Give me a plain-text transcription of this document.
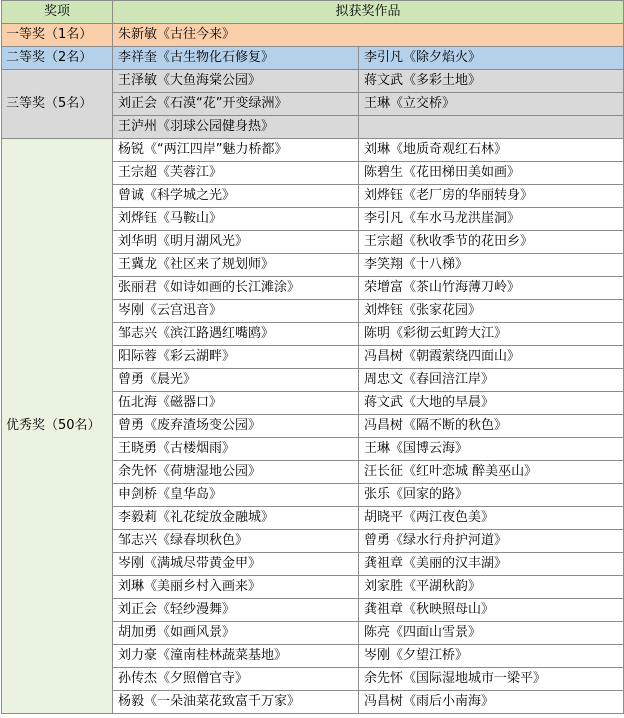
奖项	拟获奖作品	
一等奖（1名）	朱新敏《古往今来》	
二等奖（2名）	李祥奎《古生物化石修复》	李引凡《除夕焰火》
三等奖（5名）	王泽敏《大鱼海棠公园》	蒋文武《多彩土地》
	刘正会《石漠“花”开变绿洲》	王琳《立交桥》
	王泸州《羽球公园健身热》	
优秀奖（50名）	杨锐《“两江四岸”魅力桥都》	刘琳《地质奇观红石林》
	王宗超《芙蓉江》	陈碧生《花田梯田美如画》
	曾诚《科学城之光》	刘烨钰《老厂房的华丽转身》
	刘烨钰《马鞍山》	李引凡《车水马龙洪崖洞》
	刘华明《明月湖风光》	王宗超《秋收季节的花田乡》
	王冀龙《社区来了规划师》	李笑翔《十八梯》
	张丽君《如诗如画的长江滩涂》	荣增富《茶山竹海薄刀岭》
	岑刚《云宫迅音》	刘烨钰《张家花园》
	邹志兴《滨江路遇红嘴鸥》	陈明《彩彻云虹跨大江》
	阳际蓉《彩云湖畔》	冯昌树《朝霞萦绕四面山》
	曾勇《晨光》	周忠文《春回涪江岸》
	伍北海《磁器口》	蒋文武《大地的早晨》
	曾勇《废弃渣场变公园》	冯昌树《隔不断的秋色》
	王晓勇《古楼烟雨》	王琳《国博云海》
	余先怀《荷塘湿地公园》	汪长征《红叶恋城 醉美巫山》
	申剑桥《皇华岛》	张乐《回家的路》
	李毅莉《礼花绽放金融城》	胡晓平《两江夜色美》
	邹志兴《绿春坝秋色》	曾勇《绿水行舟护河道》
	岑刚《满城尽带黄金甲》	龚祖章《美丽的汉丰湖》
	刘琳《美丽乡村入画来》	刘家胜《平湖秋韵》
	刘正会《轻纱漫舞》	龚祖章《秋映照母山》
	胡加勇《如画风景》	陈亮《四面山雪景》
	刘力豪《潼南桂林蔬菜基地》	岑刚《夕望江桥》
	孙传杰《夕照僧官寺》	余先怀《国际湿地城市一梁平》
	杨毅《一朵油菜花致富千万家》	冯昌树《雨后小南海》
